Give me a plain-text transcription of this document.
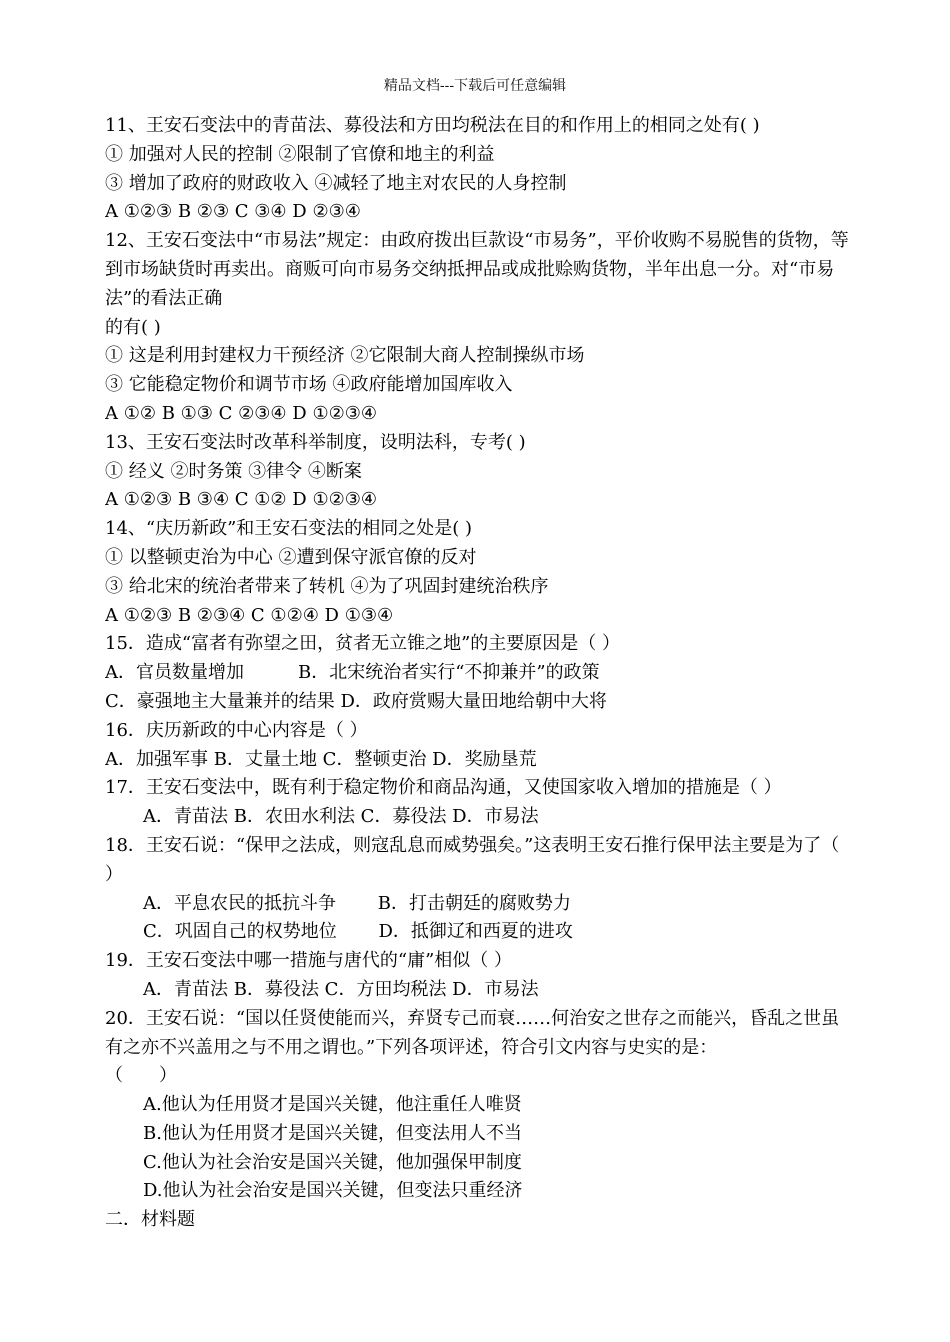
精品文档---下载后可任意编辑
11、王安石变法中的青苗法、募役法和方田均税法在目的和作用上的相同之处有( )
① 加强对人民的控制 ②限制了官僚和地主的利益
③ 增加了政府的财政收入 ④减轻了地主对农民的人身控制
A ①②③ B ②③ C ③④ D ②③④
12、王安石变法中“市易法”规定：由政府拨出巨款设“市易务”，平价收购不易脱售的货物，等到市场缺货时再卖出。商贩可向市易务交纳抵押品或成批赊购货物，半年出息一分。对“市易法”的看法正确
的有( )
① 这是利用封建权力干预经济 ②它限制大商人控制操纵市场
③ 它能稳定物价和调节市场 ④政府能增加国库收入
A ①② B ①③ C ②③④ D ①②③④
13、王安石变法时改革科举制度，设明法科，专考( )
① 经义 ②时务策 ③律令 ④断案
A ①②③ B ③④ C ①② D ①②③④
14、“庆历新政”和王安石变法的相同之处是( )
① 以整顿吏治为中心 ②遭到保守派官僚的反对
③ 给北宋的统治者带来了转机 ④为了巩固封建统治秩序
A ①②③ B ②③④ C ①②④ D ①③④
15．造成“富者有弥望之田，贫者无立锥之地”的主要原因是（ ）
A．官员数量增加　　　B．北宋统治者实行“不抑兼并”的政策
C．豪强地主大量兼并的结果 D．政府赏赐大量田地给朝中大将
16．庆历新政的中心内容是（ ）
A．加强军事 B．丈量土地 C．整顿吏治 D．奖励垦荒
17．王安石变法中，既有利于稳定物价和商品沟通，又使国家收入增加的措施是（ ）
A．青苗法 B．农田水利法 C．募役法 D．市易法
18．王安石说：“保甲之法成，则寇乱息而威势强矣。”这表明王安石推行保甲法主要是为了（ ）
A．平息农民的抵抗斗争　　 B．打击朝廷的腐败势力
C．巩固自己的权势地位　　 D．抵御辽和西夏的进攻
19．王安石变法中哪一措施与唐代的“庸”相似（ ）
A．青苗法 B．募役法 C．方田均税法 D．市易法
20．王安石说：“国以任贤使能而兴，弃贤专己而衰……何治安之世存之而能兴，昏乱之世虽有之亦不兴盖用之与不用之谓也。”下列各项评述，符合引文内容与史实的是：
（　　）
A.他认为任用贤才是国兴关键，他注重任人唯贤
B.他认为任用贤才是国兴关键，但变法用人不当
C.他认为社会治安是国兴关键，他加强保甲制度
D.他认为社会治安是国兴关键，但变法只重经济
二．材料题
